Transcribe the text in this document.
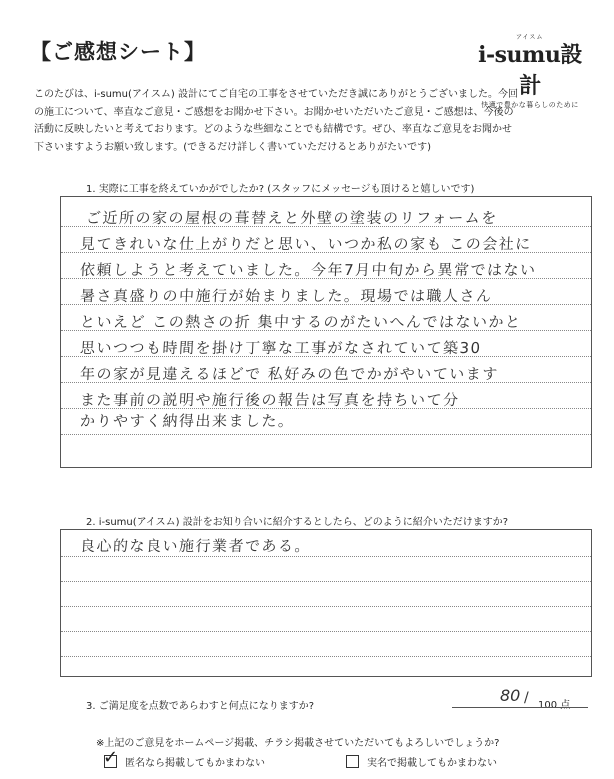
【ご感想シート】
アイスム
i-sumu設計
快適で豊かな暮らしのために

このたびは、i-sumu(アイスム) 設計にてご自宅の工事をさせていただき誠にありがとうございました。今回

の施工について、率直なご意見・ご感想をお聞かせ下さい。お聞かせいただいたご意見・ご感想は、今後の

活動に反映したいと考えております。どのような些細なことでも結構です。ぜひ、率直なご意見をお聞かせ

下さいますようお願い致します。(できるだけ詳しく書いていただけるとありがたいです)

1. 実際に工事を終えていかがでしたか? (スタッフにメッセージも頂けると嬉しいです)
ご近所の家の屋根の葺替えと外壁の塗装のリフォームを
見てきれいな仕上がりだと思い、いつか私の家も この会社に
依頼しようと考えていました。今年7月中旬から異常ではない
暑さ真盛りの中施行が始まりました。現場では職人さん
といえど この熱さの折 集中するのがたいへんではないかと
思いつつも時間を掛け丁寧な工事がなされていて築30
年の家が見違えるほどで 私好みの色でかがやいています
また事前の説明や施行後の報告は写真を持ちいて分
かりやすく納得出来ました。
2. i-sumu(アイスム) 設計をお知り合いに紹介するとしたら、どのように紹介いただけますか?
良心的な良い施行業者である。
3. ご満足度を点数であらわすと何点になりますか?
80 / 100 点
※上記のご意見をホームページ掲載、チラシ掲載させていただいてもよろしいでしょうか?
✓ 匿名なら掲載してもかまわない	実名で掲載してもかまわない
